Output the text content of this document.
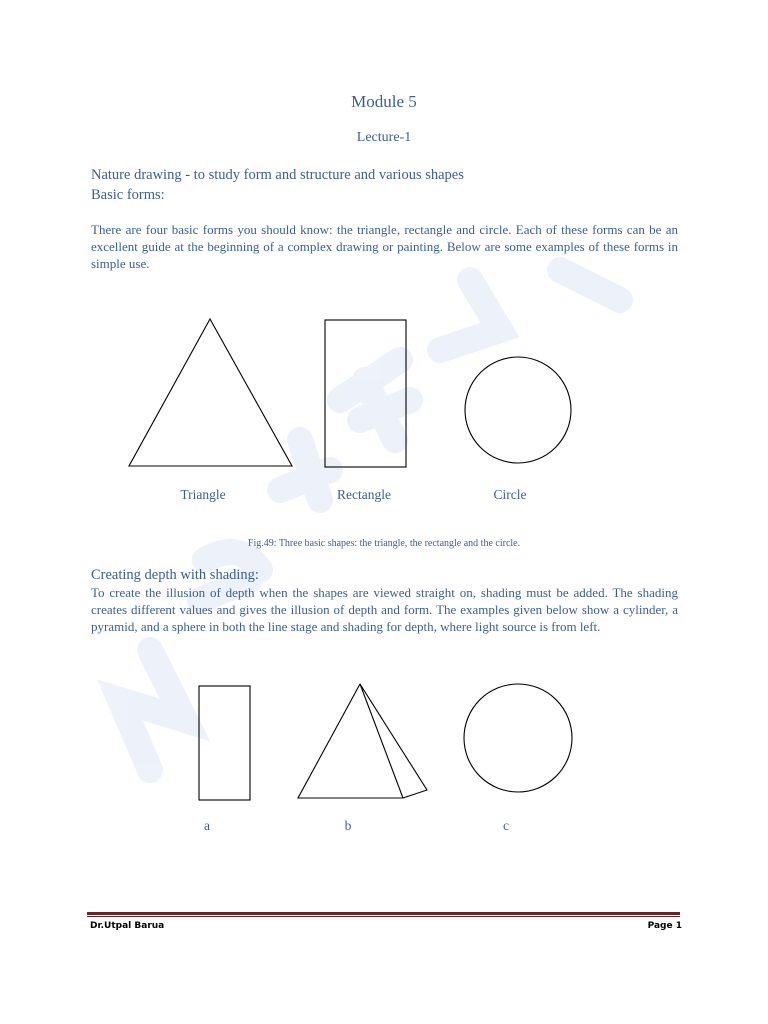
Module 5
Lecture-1
Nature drawing - to study form and structure and various shapes
Basic forms:
There are four basic forms you should know: the triangle, rectangle and circle. Each of these forms can be an excellent guide at the beginning of a complex drawing or painting. Below are some examples of these forms in simple use.
Triangle	Rectangle	Circle
Fig.49: Three basic shapes: the triangle, the rectangle and the circle.
Creating depth with shading:
To create the illusion of depth when the shapes are viewed straight on, shading must be added. The shading creates different values and gives the illusion of depth and form. The examples given below show a cylinder, a pyramid, and a sphere in both the line stage and shading for depth, where light source is from left.
a	b	c
Dr.Utpal Barua	Page 1
